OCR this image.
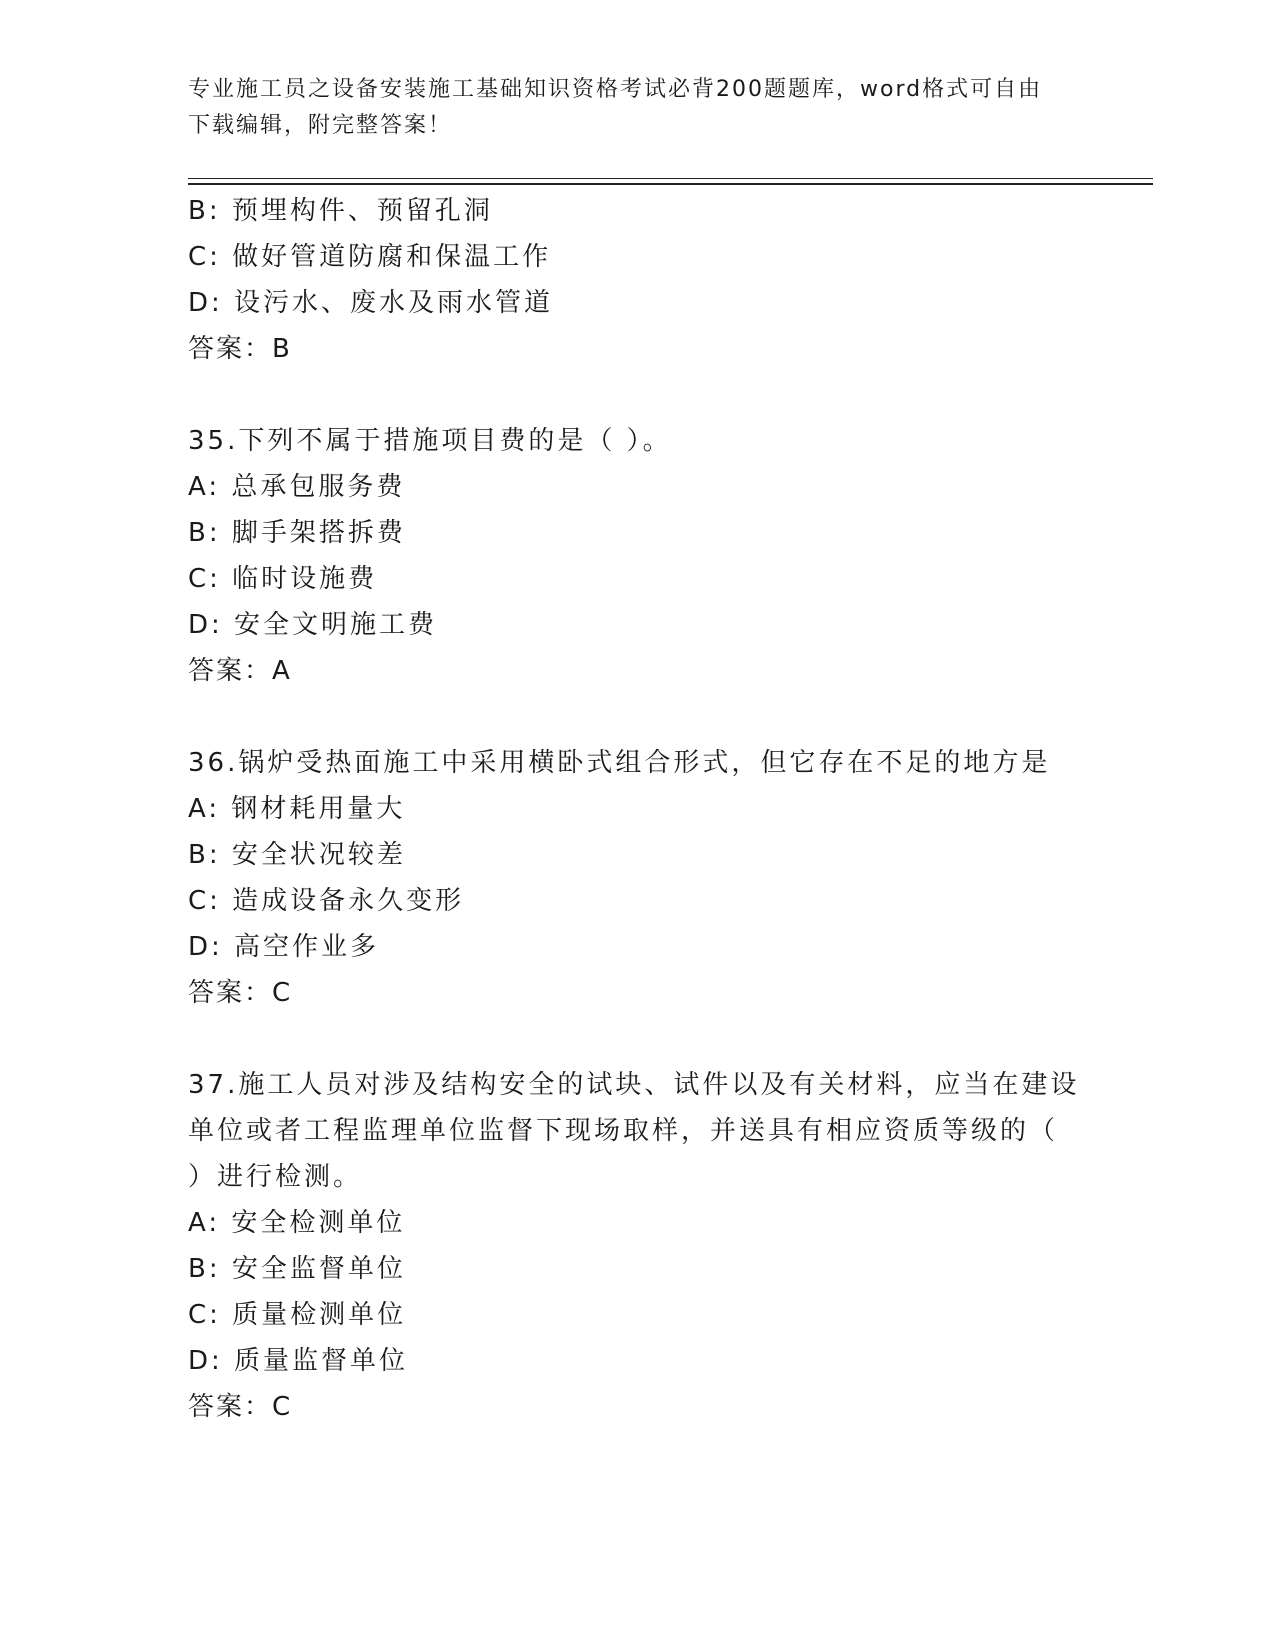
专业施工员之设备安装施工基础知识资格考试必背200题题库，word格式可自由
下载编辑，附完整答案！
B: 预埋构件、预留孔洞
C: 做好管道防腐和保温工作
D: 设污水、废水及雨水管道
答案：B
35.下列不属于措施项目费的是（ ）。
A: 总承包服务费
B: 脚手架搭拆费
C: 临时设施费
D: 安全文明施工费
答案：A
36.锅炉受热面施工中采用横卧式组合形式，但它存在不足的地方是
A: 钢材耗用量大
B: 安全状况较差
C: 造成设备永久变形
D: 高空作业多
答案：C
37.施工人员对涉及结构安全的试块、试件以及有关材料，应当在建设
单位或者工程监理单位监督下现场取样，并送具有相应资质等级的（
）进行检测。
A: 安全检测单位
B: 安全监督单位
C: 质量检测单位
D: 质量监督单位
答案：C
